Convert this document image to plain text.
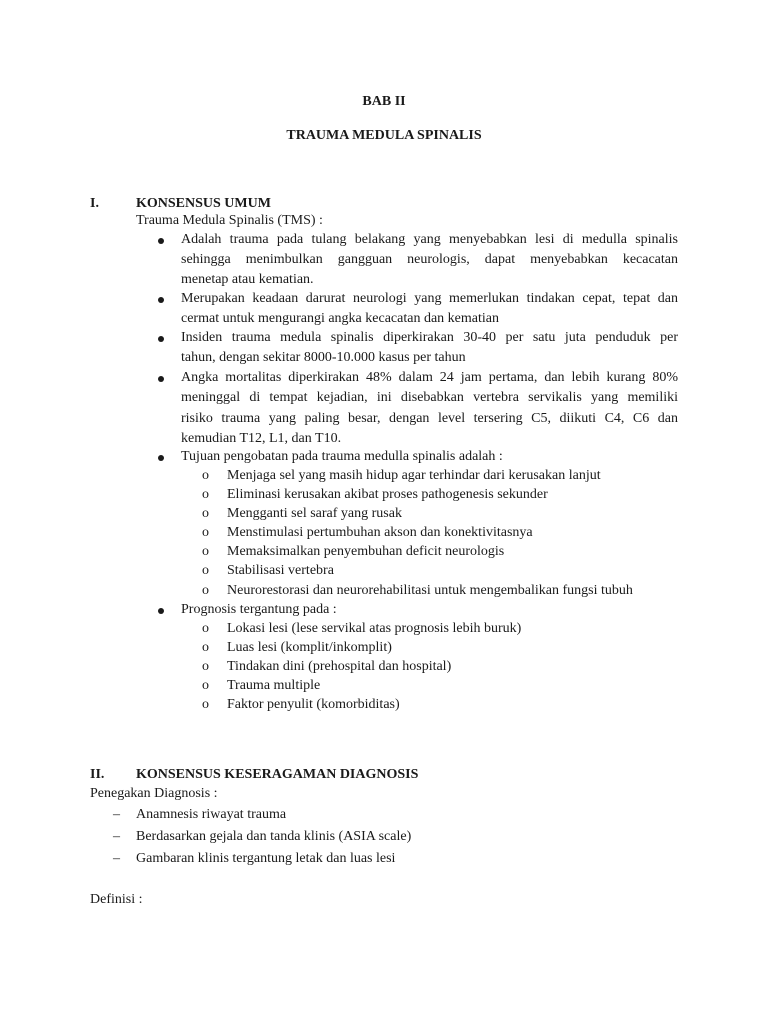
BAB II
TRAUMA MEDULA SPINALIS
I.	KONSENSUS UMUM
Trauma Medula Spinalis (TMS) :
Adalah trauma pada tulang belakang yang menyebabkan lesi di medulla spinalis
sehingga menimbulkan gangguan neurologis, dapat menyebabkan kecacatan
menetap atau kematian.
Merupakan keadaan darurat neurologi yang memerlukan tindakan cepat, tepat dan
cermat untuk mengurangi angka kecacatan dan kematian
Insiden trauma medula spinalis diperkirakan 30-40 per satu juta penduduk per
tahun, dengan sekitar 8000-10.000 kasus per tahun
Angka mortalitas diperkirakan 48% dalam 24 jam pertama, dan lebih kurang 80%
meninggal di tempat kejadian, ini disebabkan vertebra servikalis yang memiliki
risiko trauma yang paling besar, dengan level tersering C5, diikuti C4, C6 dan
kemudian T12, L1, dan T10.
Tujuan pengobatan pada trauma medulla spinalis adalah :
o Menjaga sel yang masih hidup agar terhindar dari kerusakan lanjut
o Eliminasi kerusakan akibat proses pathogenesis sekunder
o Mengganti sel saraf yang rusak
o Menstimulasi pertumbuhan akson dan konektivitasnya
o Memaksimalkan penyembuhan deficit neurologis
o Stabilisasi vertebra
o Neurorestorasi dan neurorehabilitasi untuk mengembalikan fungsi tubuh
Prognosis tergantung pada :
o Lokasi lesi (lese servikal atas prognosis lebih buruk)
o Luas lesi (komplit/inkomplit)
o Tindakan dini (prehospital dan hospital)
o Trauma multiple
o Faktor penyulit (komorbiditas)
II. KONSENSUS KESERAGAMAN DIAGNOSIS
Penegakan Diagnosis :
– Anamnesis riwayat trauma
– Berdasarkan gejala dan tanda klinis (ASIA scale)
– Gambaran klinis tergantung letak dan luas lesi
Definisi :
